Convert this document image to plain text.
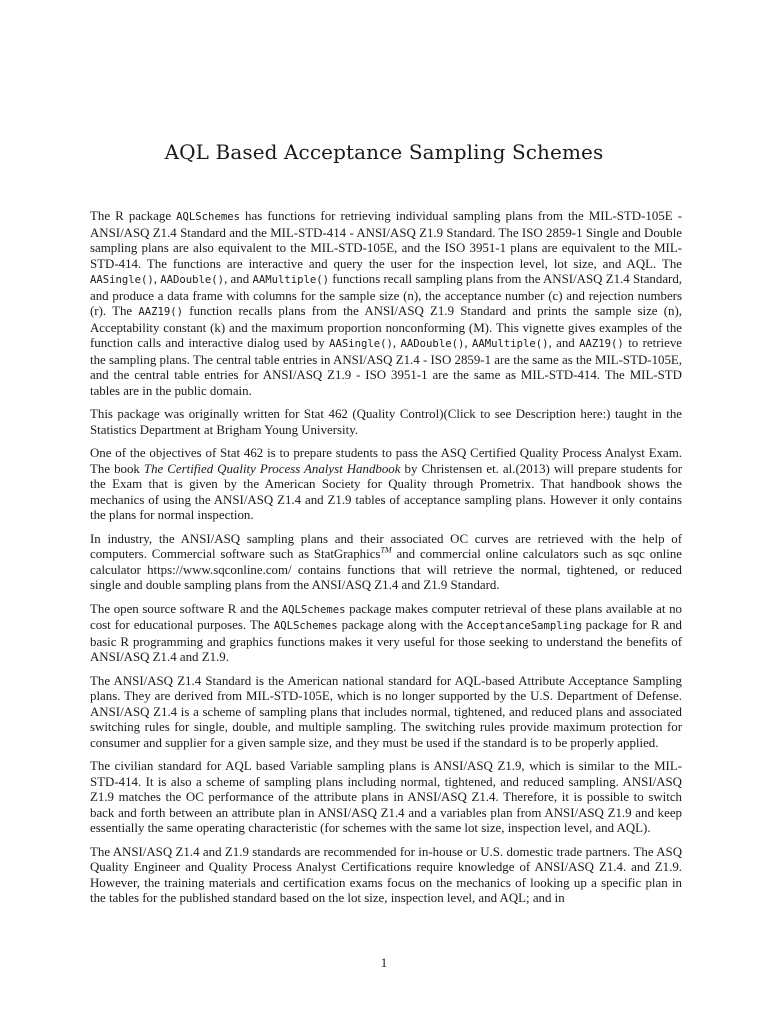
AQL Based Acceptance Sampling Schemes

The R package AQLSchemes has functions for retrieving individual sampling plans from the MIL-STD-105E - ANSI/ASQ Z1.4 Standard and the MIL-STD-414 - ANSI/ASQ Z1.9 Standard. The ISO 2859-1 Single and Double sampling plans are also equivalent to the MIL-STD-105E, and the ISO 3951-1 plans are equivalent to the MIL-STD-414. The functions are interactive and query the user for the inspection level, lot size, and AQL. The AASingle(), AADouble(), and AAMultiple() functions recall sampling plans from the ANSI/ASQ Z1.4 Standard, and produce a data frame with columns for the sample size (n), the acceptance number (c) and rejection numbers (r). The AAZ19() function recalls plans from the ANSI/ASQ Z1.9 Standard and prints the sample size (n), Acceptability constant (k) and the maximum proportion nonconforming (M). This vignette gives examples of the function calls and interactive dialog used by AASingle(), AADouble(), AAMultiple(), and AAZ19() to retrieve the sampling plans. The central table entries in ANSI/ASQ Z1.4 - ISO 2859-1 are the same as the MIL-STD-105E, and the central table entries for ANSI/ASQ Z1.9 - ISO 3951-1 are the same as MIL-STD-414. The MIL-STD tables are in the public domain.

This package was originally written for Stat 462 (Quality Control)(Click to see Description here:) taught in the Statistics Department at Brigham Young University.

One of the objectives of Stat 462 is to prepare students to pass the ASQ Certified Quality Process Analyst Exam. The book The Certified Quality Process Analyst Handbook by Christensen et. al.(2013) will prepare students for the Exam that is given by the American Society for Quality through Prometrix. That handbook shows the mechanics of using the ANSI/ASQ Z1.4 and Z1.9 tables of acceptance sampling plans. However it only contains the plans for normal inspection.

In industry, the ANSI/ASQ sampling plans and their associated OC curves are retrieved with the help of computers. Commercial software such as StatGraphics™ and commercial online calculators such as sqc online calculator https://www.sqconline.com/ contains functions that will retrieve the normal, tightened, or reduced single and double sampling plans from the ANSI/ASQ Z1.4 and Z1.9 Standard.

The open source software R and the AQLSchemes package makes computer retrieval of these plans available at no cost for educational purposes. The AQLSchemes package along with the AcceptanceSampling package for R and basic R programming and graphics functions makes it very useful for those seeking to understand the benefits of ANSI/ASQ Z1.4 and Z1.9.

The ANSI/ASQ Z1.4 Standard is the American national standard for AQL-based Attribute Acceptance Sampling plans. They are derived from MIL-STD-105E, which is no longer supported by the U.S. Department of Defense. ANSI/ASQ Z1.4 is a scheme of sampling plans that includes normal, tightened, and reduced plans and associated switching rules for single, double, and multiple sampling. The switching rules provide maximum protection for consumer and supplier for a given sample size, and they must be used if the standard is to be properly applied.

The civilian standard for AQL based Variable sampling plans is ANSI/ASQ Z1.9, which is similar to the MIL-STD-414. It is also a scheme of sampling plans including normal, tightened, and reduced sampling. ANSI/ASQ Z1.9 matches the OC performance of the attribute plans in ANSI/ASQ Z1.4. Therefore, it is possible to switch back and forth between an attribute plan in ANSI/ASQ Z1.4 and a variables plan from ANSI/ASQ Z1.9 and keep essentially the same operating characteristic (for schemes with the same lot size, inspection level, and AQL).

The ANSI/ASQ Z1.4 and Z1.9 standards are recommended for in-house or U.S. domestic trade partners. The ASQ Quality Engineer and Quality Process Analyst Certifications require knowledge of ANSI/ASQ Z1.4. and Z1.9. However, the training materials and certification exams focus on the mechanics of looking up a specific plan in the tables for the published standard based on the lot size, inspection level, and AQL; and in

1
